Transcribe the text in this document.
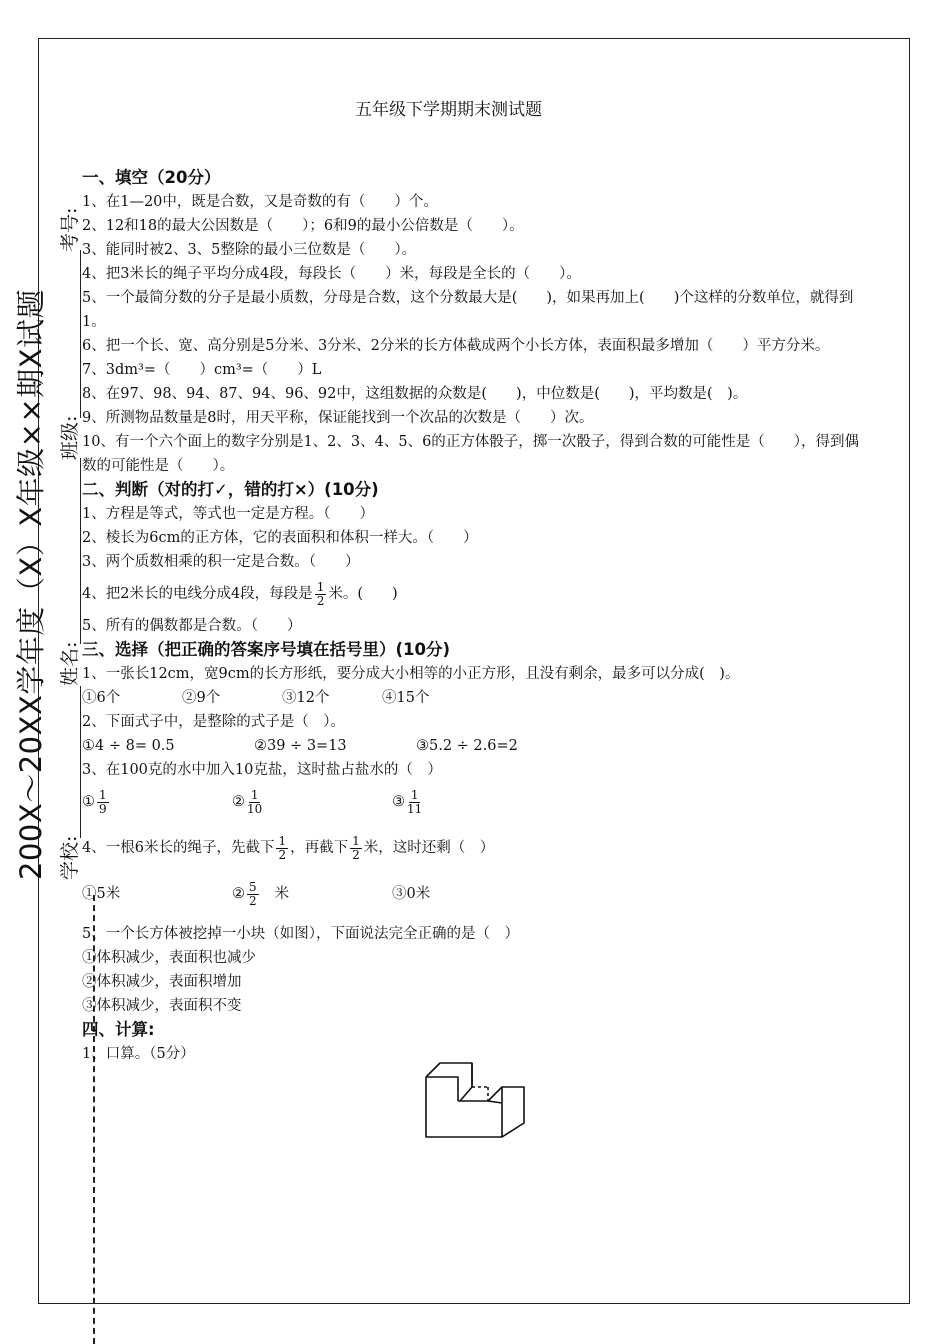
200X～20XX学年度（X）X年级××期X试题 学校:
姓名:
班级:
考号:
五年级下学期期末测试题

一、填空（20分）

1、在1—20中，既是合数，又是奇数的有（　　）个。

2、12和18的最大公因数是（　　）；6和9的最小公倍数是（　　）。

3、能同时被2、3、5整除的最小三位数是（　　）。

4、把3米长的绳子平均分成4段，每段长（　　）米，每段是全长的（　　）。

5、一个最简分数的分子是最小质数，分母是合数，这个分数最大是(　　)，如果再加上(　　)个这样的分数单位，就得到1。

6、把一个长、宽、高分别是5分米、3分米、2分米的长方体截成两个小长方体，表面积最多增加（　　）平方分米。

7、3dm³=（　　）cm³=（　　）L

8、在97、98、94、87、94、96、92中，这组数据的众数是(　　)，中位数是(　　)，平均数是(　)。

9、所测物品数量是8时，用天平称，保证能找到一个次品的次数是（　　）次。

10、有一个六个面上的数字分别是1、2、3、4、5、6的正方体骰子，掷一次骰子，得到合数的可能性是（　　），得到偶数的可能性是（　　）。

二、判断（对的打✓，错的打×）(10分)

1、方程是等式，等式也一定是方程。（　　）

2、棱长为6cm的正方体，它的表面积和体积一样大。（　　）

3、两个质数相乘的积一定是合数。（　　）

4、把2米长的电线分成4段，每段是 $\frac{1}{2}$ 米。(　　)

5、所有的偶数都是合数。（　　）

三、选择（把正确的答案序号填在括号里）(10分)

1、一张长12cm，宽9cm的长方形纸，要分成大小相等的小正方形，且没有剩余，最多可以分成(　)。

①6个	②9个	③12个	④15个

2、下面式子中，是整除的式子是（　）。

①4 ÷ 8= 0.5	②39 ÷ 3=13	③5.2 ÷ 2.6=2

3、在100克的水中加入10克盐，这时盐占盐水的（　）

① $\frac{1}{9}$	② $\frac{1}{10}$	③ $\frac{1}{11}$

4、一根6米长的绳子，先截下 $\frac{1}{2}$ ，再截下 $\frac{1}{2}$ 米，这时还剩（　）

①5米	② $\frac{5}{2}$ 米	③0米

5、一个长方体被挖掉一小块（如图），下面说法完全正确的是（　）

①体积减少，表面积也减少

②体积减少，表面积增加

③体积减少，表面积不变

四、计算:

1、口算。（5分）
